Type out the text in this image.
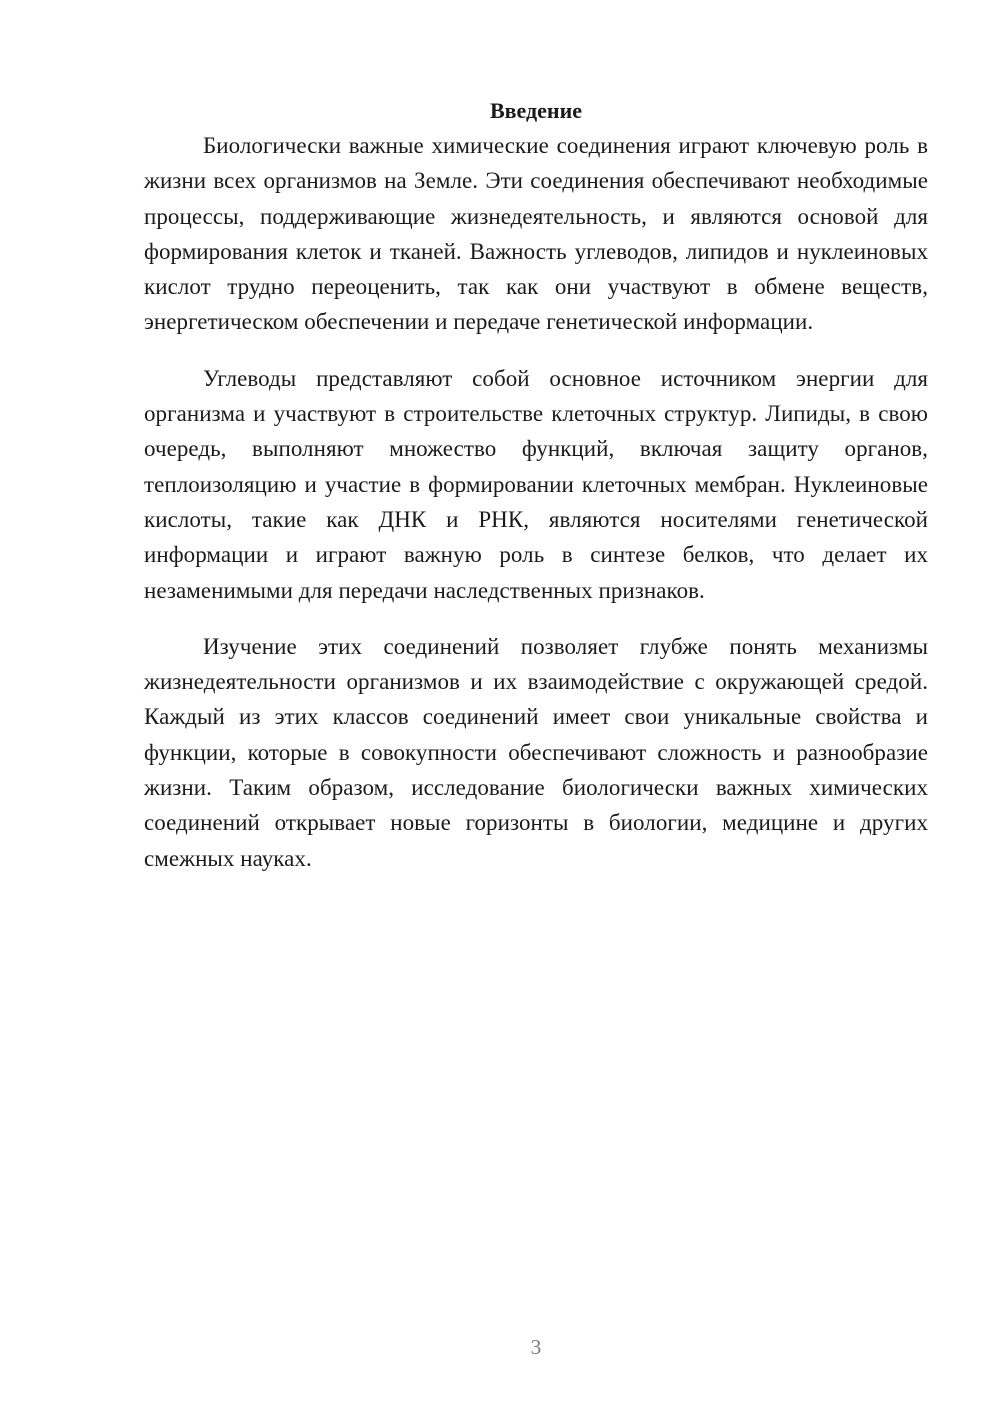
Введение

Биологически важные химические соединения играют ключевую роль в жизни всех организмов на Земле. Эти соединения обеспечивают необходимые процессы, поддерживающие жизнедеятельность, и являются основой для формирования клеток и тканей. Важность углеводов, липидов и нуклеиновых кислот трудно переоценить, так как они участвуют в обмене веществ, энергетическом обеспечении и передаче генетической информации.

Углеводы представляют собой основное источником энергии для организма и участвуют в строительстве клеточных структур. Липиды, в свою очередь, выполняют множество функций, включая защиту органов, теплоизоляцию и участие в формировании клеточных мембран. Нуклеиновые кислоты, такие как ДНК и РНК, являются носителями генетической информации и играют важную роль в синтезе белков, что делает их незаменимыми для передачи наследственных признаков.

Изучение этих соединений позволяет глубже понять механизмы жизнедеятельности организмов и их взаимодействие с окружающей средой. Каждый из этих классов соединений имеет свои уникальные свойства и функции, которые в совокупности обеспечивают сложность и разнообразие жизни. Таким образом, исследование биологически важных химических соединений открывает новые горизонты в биологии, медицине и других смежных науках.

3
